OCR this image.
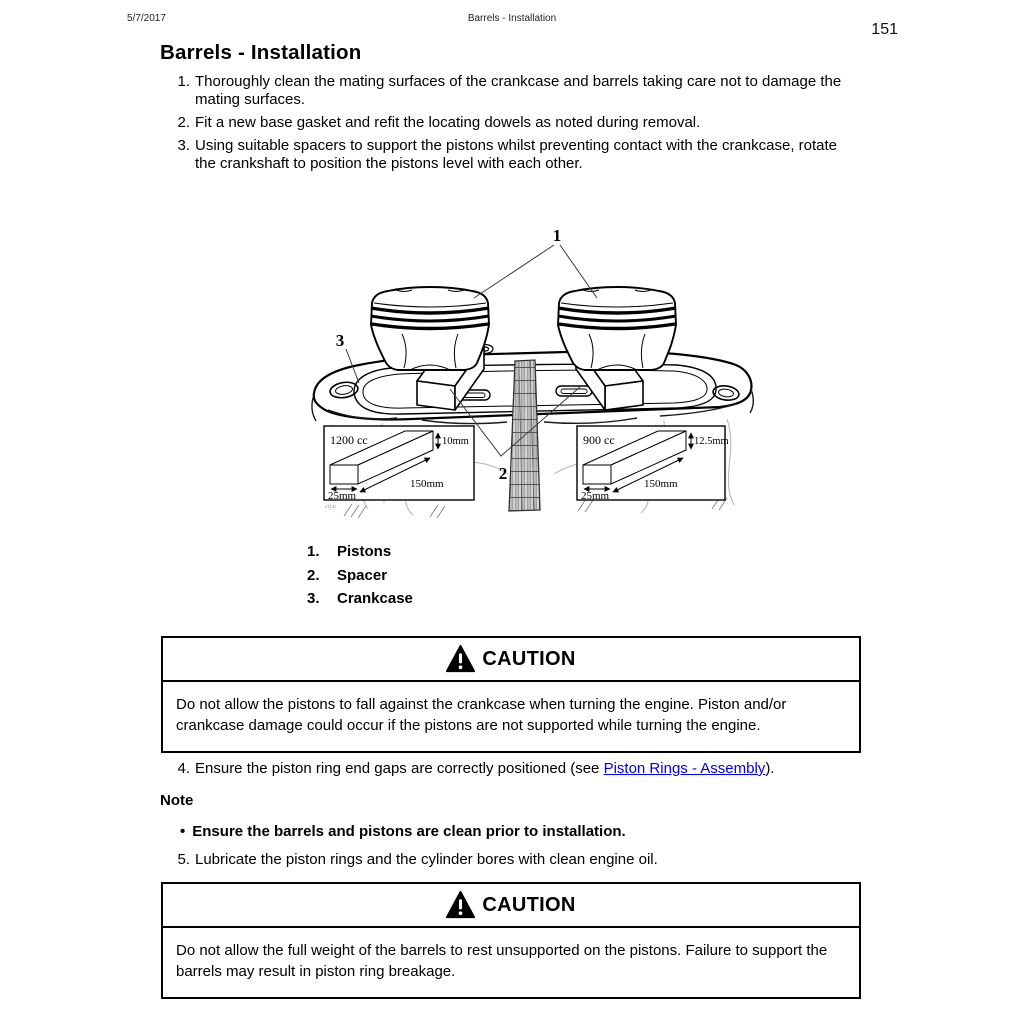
5/7/2017	Barrels - Installation
151
Barrels - Installation
1. Thoroughly clean the mating surfaces of the crankcase and barrels taking care not to damage the mating surfaces.
2. Fit a new base gasket and refit the locating dowels as noted during removal.
3. Using suitable spacers to support the pistons whilst preventing contact with the crankcase, rotate the crankshaft to position the pistons level with each other.
1
3
2
1200 cc	10mm
150mm
25mm
900 cc	12.5mm
150mm
25mm
ctyu
1.	Pistons
2.	Spacer
3.	Crankcase
CAUTION
Do not allow the pistons to fall against the crankcase when turning the engine. Piston and/or crankcase damage could occur if the pistons are not supported while turning the engine.
4. Ensure the piston ring end gaps are correctly positioned (see Piston Rings - Assembly).
Note
• Ensure the barrels and pistons are clean prior to installation.
5. Lubricate the piston rings and the cylinder bores with clean engine oil.
CAUTION
Do not allow the full weight of the barrels to rest unsupported on the pistons. Failure to support the barrels may result in piston ring breakage.
